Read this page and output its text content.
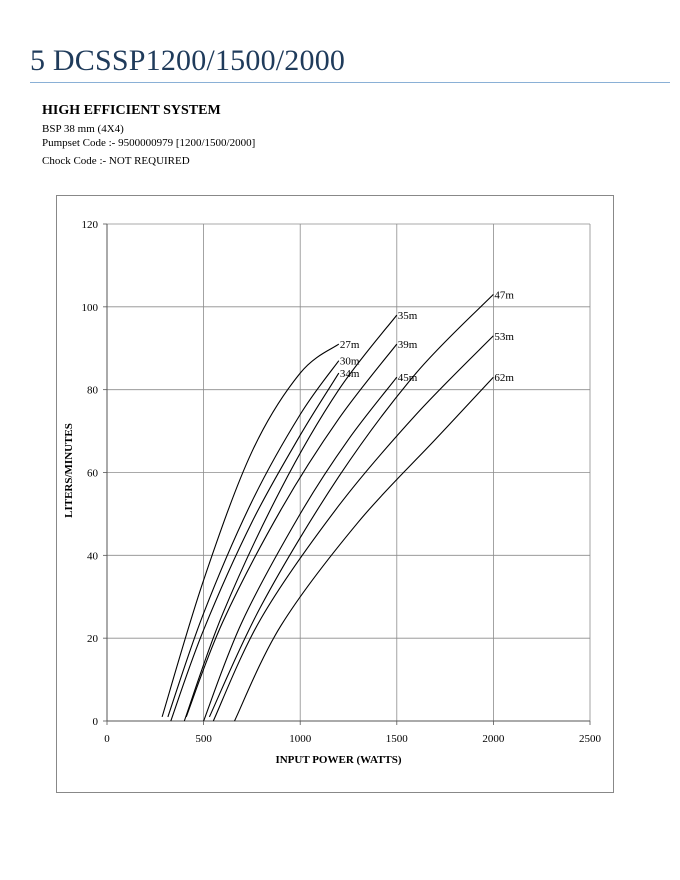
5 DCSSP1200/1500/2000
HIGH EFFICIENT SYSTEM
BSP 38 mm (4X4)
Pumpset Code :- 9500000979 [1200/1500/2000]
Chock Code :- NOT REQUIRED
0
20
40
60
80
100
120
0	500	1000	1500	2000	2500
27m
30m
34m
35m
39m
45m
47m
53m
62m
INPUT POWER (WATTS)
LITERS/MINUTES
